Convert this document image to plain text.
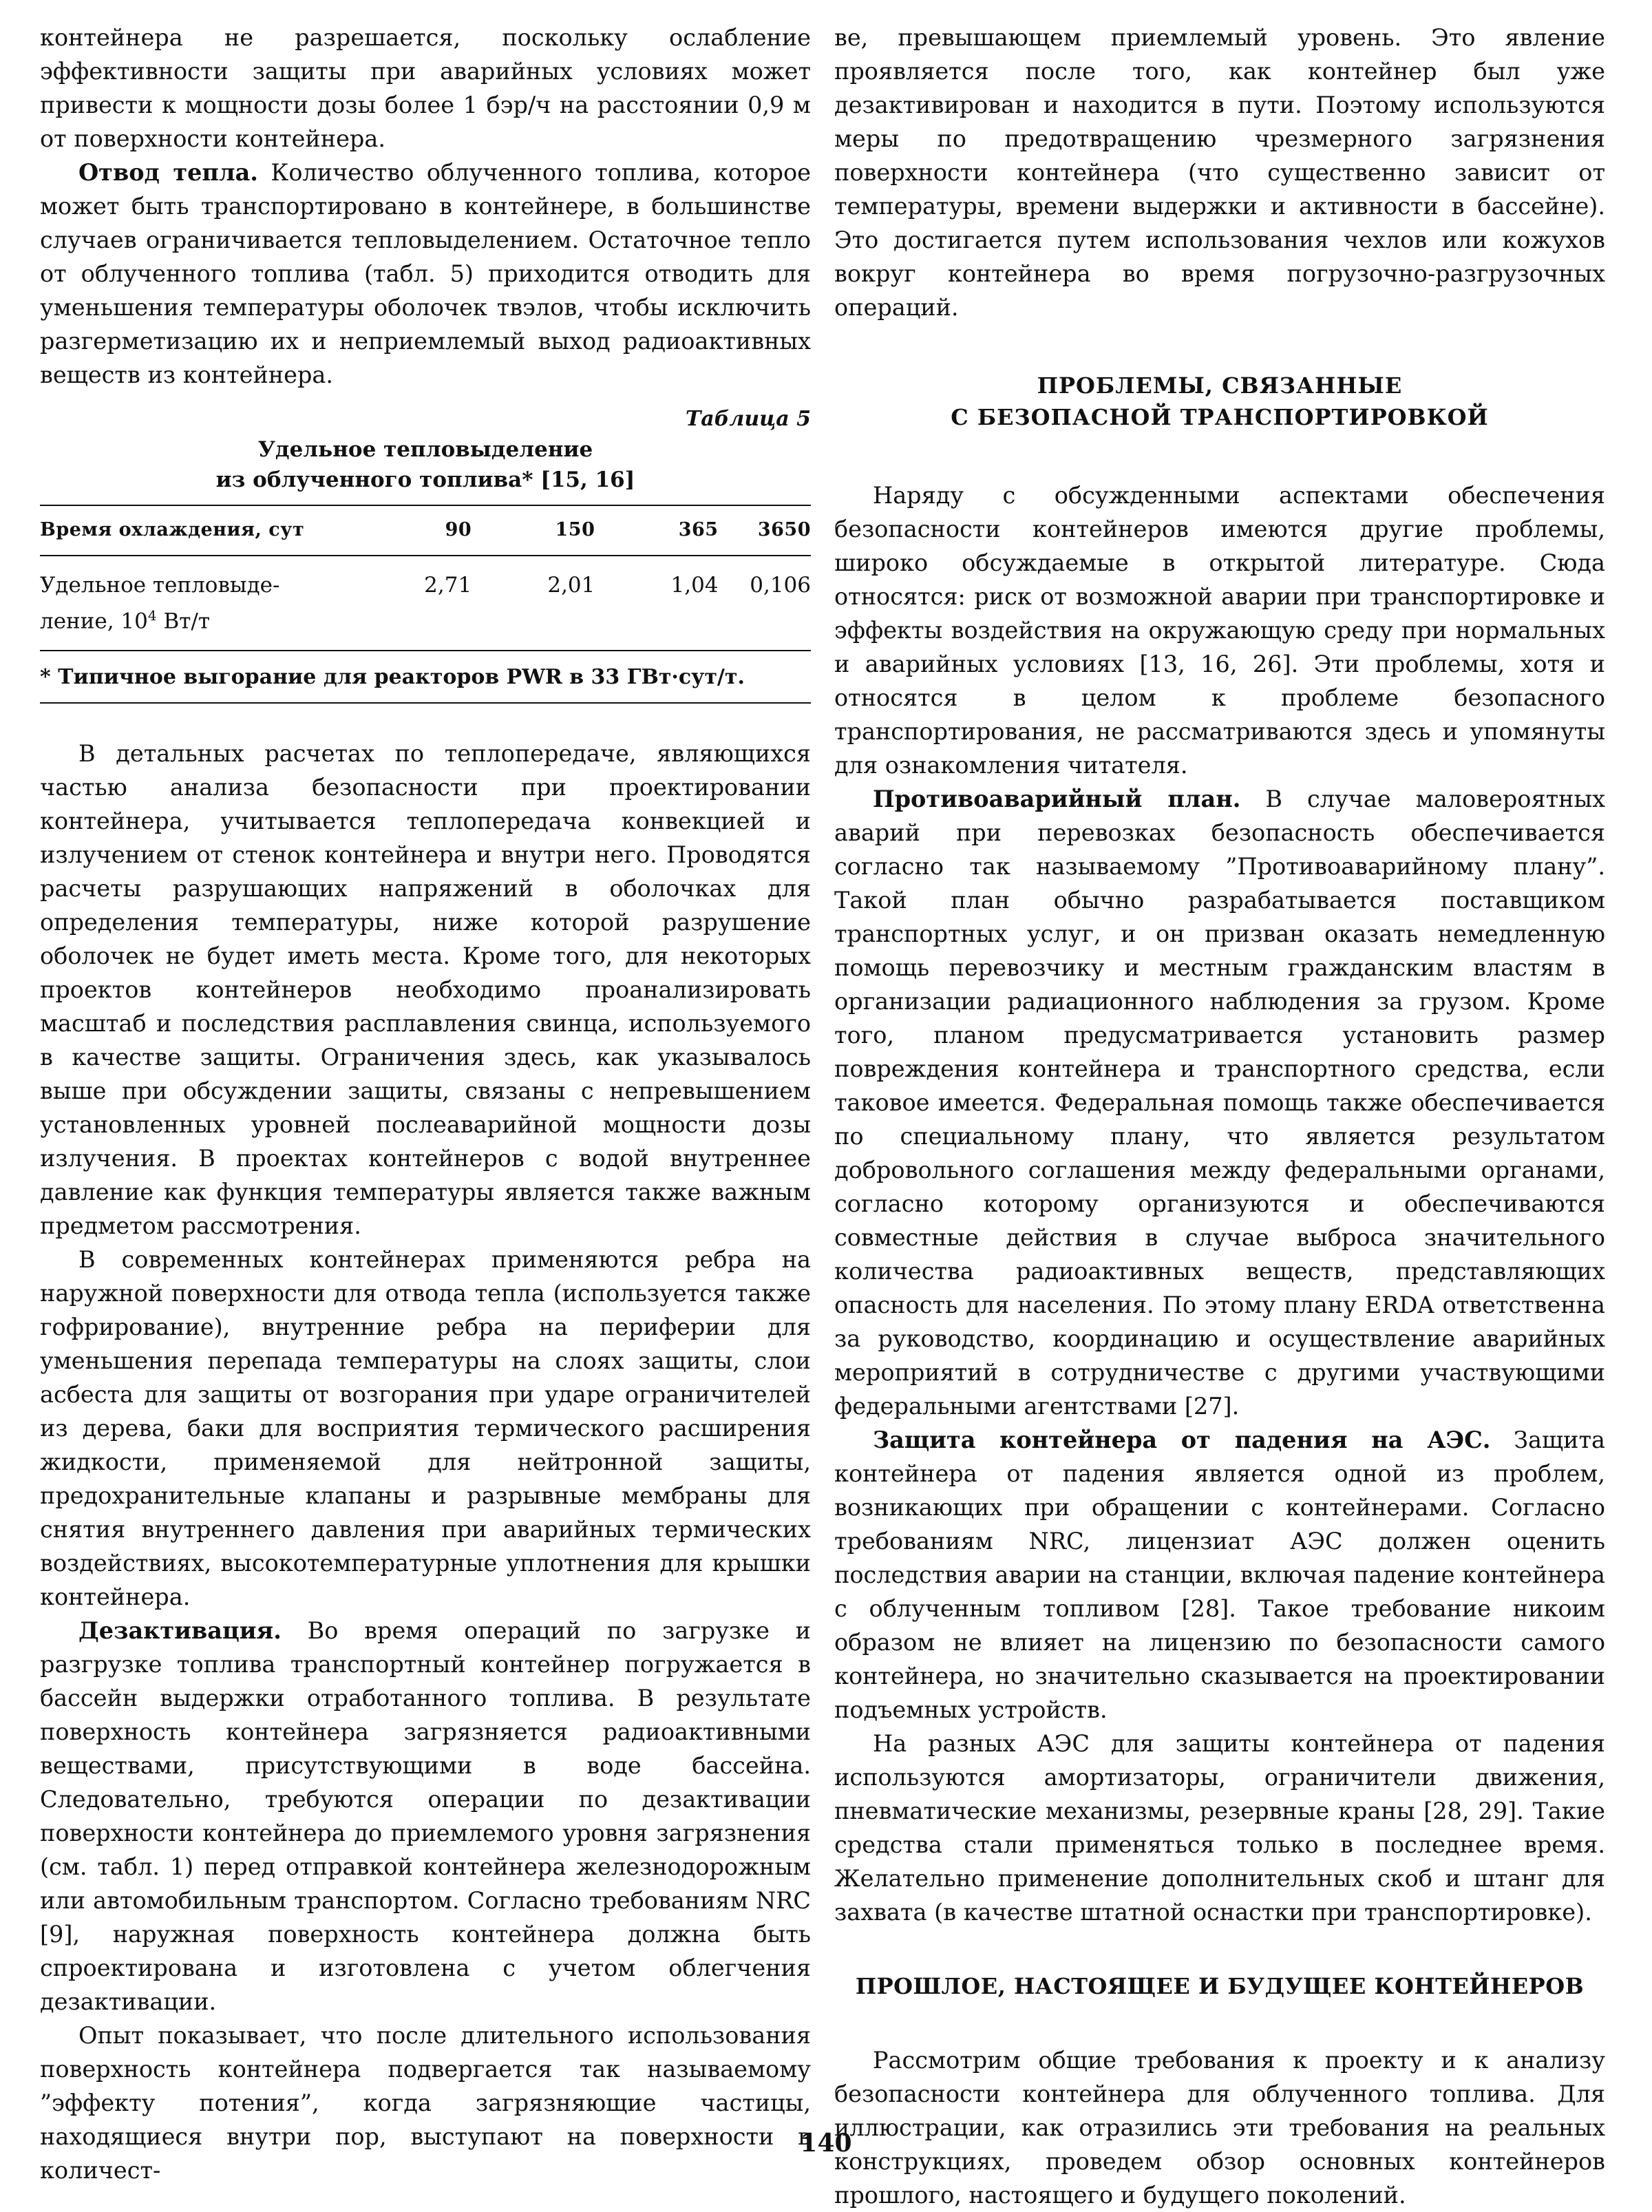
контейнера не разрешается, поскольку ослабление эффективности защиты при аварийных условиях может привести к мощности дозы более 1 бэр/ч на расстоянии 0,9 м от поверхности контейнера.

Отвод тепла. Количество облученного топлива, которое может быть транспортировано в контейнере, в большинстве случаев ограничивается тепловыделением. Остаточное тепло от облученного топлива (табл. 5) приходится отводить для уменьшения температуры оболочек твэлов, чтобы исключить разгерметизацию их и неприемлемый выход радиоактивных веществ из контейнера.

Таблица 5
Удельное тепловыделение
из облученного топлива* [15, 16]
Время охлаждения, сут	90	150	365	3650

Удельное тепловыде-
ление, $10^4$ Вт/т	2,71	2,01	1,04	0,106
* Типичное выгорание для реакторов PWR в 33 ГВт·сут/т.

В детальных расчетах по теплопередаче, являющихся частью анализа безопасности при проектировании контейнера, учитывается теплопередача конвекцией и излучением от стенок контейнера и внутри него. Проводятся расчеты разрушающих напряжений в оболочках для определения температуры, ниже которой разрушение оболочек не будет иметь места. Кроме того, для некоторых проектов контейнеров необходимо проанализировать масштаб и последствия расплавления свинца, используемого в качестве защиты. Ограничения здесь, как указывалось выше при обсуждении защиты, связаны с непревышением установленных уровней послеаварийной мощности дозы излучения. В проектах контейнеров с водой внутреннее давление как функция температуры является также важным предметом рассмотрения.

В современных контейнерах применяются ребра на наружной поверхности для отвода тепла (используется также гофрирование), внутренние ребра на периферии для уменьшения перепада температуры на слоях защиты, слои асбеста для защиты от возгорания при ударе ограничителей из дерева, баки для восприятия термического расширения жидкости, применяемой для нейтронной защиты, предохранительные клапаны и разрывные мембраны для снятия внутреннего давления при аварийных термических воздействиях, высокотемпературные уплотнения для крышки контейнера.

Дезактивация. Во время операций по загрузке и разгрузке топлива транспортный контейнер погружается в бассейн выдержки отработанного топлива. В результате поверхность контейнера загрязняется радиоактивными веществами, присутствующими в воде бассейна. Следовательно, требуются операции по дезактивации поверхности контейнера до приемлемого уровня загрязнения (см. табл. 1) перед отправкой контейнера железнодорожным или автомобильным транспортом. Согласно требованиям NRC [9], наружная поверхность контейнера должна быть спроектирована и изготовлена с учетом облегчения дезактивации.

Опыт показывает, что после длительного использования поверхность контейнера подвергается так называемому ”эффекту потения”, когда загрязняющие частицы, находящиеся внутри пор, выступают на поверхности в количест-

ве, превышающем приемлемый уровень. Это явление проявляется после того, как контейнер был уже дезактивирован и находится в пути. Поэтому используются меры по предотвращению чрезмерного загрязнения поверхности контейнера (что существенно зависит от температуры, времени выдержки и активности в бассейне). Это достигается путем использования чехлов или кожухов вокруг контейнера во время погрузочно-разгрузочных операций.

ПРОБЛЕМЫ, СВЯЗАННЫЕ
С БЕЗОПАСНОЙ ТРАНСПОРТИРОВКОЙ

Наряду с обсужденными аспектами обеспечения безопасности контейнеров имеются другие проблемы, широко обсуждаемые в открытой литературе. Сюда относятся: риск от возможной аварии при транспортировке и эффекты воздействия на окружающую среду при нормальных и аварийных условиях [13, 16, 26]. Эти проблемы, хотя и относятся в целом к проблеме безопасного транспортирования, не рассматриваются здесь и упомянуты для ознакомления читателя.

Противоаварийный план. В случае маловероятных аварий при перевозках безопасность обеспечивается согласно так называемому ”Противоаварийному плану”. Такой план обычно разрабатывается поставщиком транспортных услуг, и он призван оказать немедленную помощь перевозчику и местным гражданским властям в организации радиационного наблюдения за грузом. Кроме того, планом предусматривается установить размер повреждения контейнера и транспортного средства, если таковое имеется. Федеральная помощь также обеспечивается по специальному плану, что является результатом добровольного соглашения между федеральными органами, согласно которому организуются и обеспечиваются совместные действия в случае выброса значительного количества радиоактивных веществ, представляющих опасность для населения. По этому плану ERDA ответственна за руководство, координацию и осуществление аварийных мероприятий в сотрудничестве с другими участвующими федеральными агентствами [27].

Защита контейнера от падения на АЭС. Защита контейнера от падения является одной из проблем, возникающих при обращении с контейнерами. Согласно требованиям NRC, лицензиат АЭС должен оценить последствия аварии на станции, включая падение контейнера с облученным топливом [28]. Такое требование никоим образом не влияет на лицензию по безопасности самого контейнера, но значительно сказывается на проектировании подъемных устройств.

На разных АЭС для защиты контейнера от падения используются амортизаторы, ограничители движения, пневматические механизмы, резервные краны [28, 29]. Такие средства стали применяться только в последнее время. Желательно применение дополнительных скоб и штанг для захвата (в качестве штатной оснастки при транспортировке).

ПРОШЛОЕ, НАСТОЯЩЕЕ И БУДУЩЕЕ КОНТЕЙНЕРОВ

Рассмотрим общие требования к проекту и к анализу безопасности контейнера для облученного топлива. Для иллюстрации, как отразились эти требования на реальных конструкциях, проведем обзор основных контейнеров прошлого, настоящего и будущего поколений.

140
